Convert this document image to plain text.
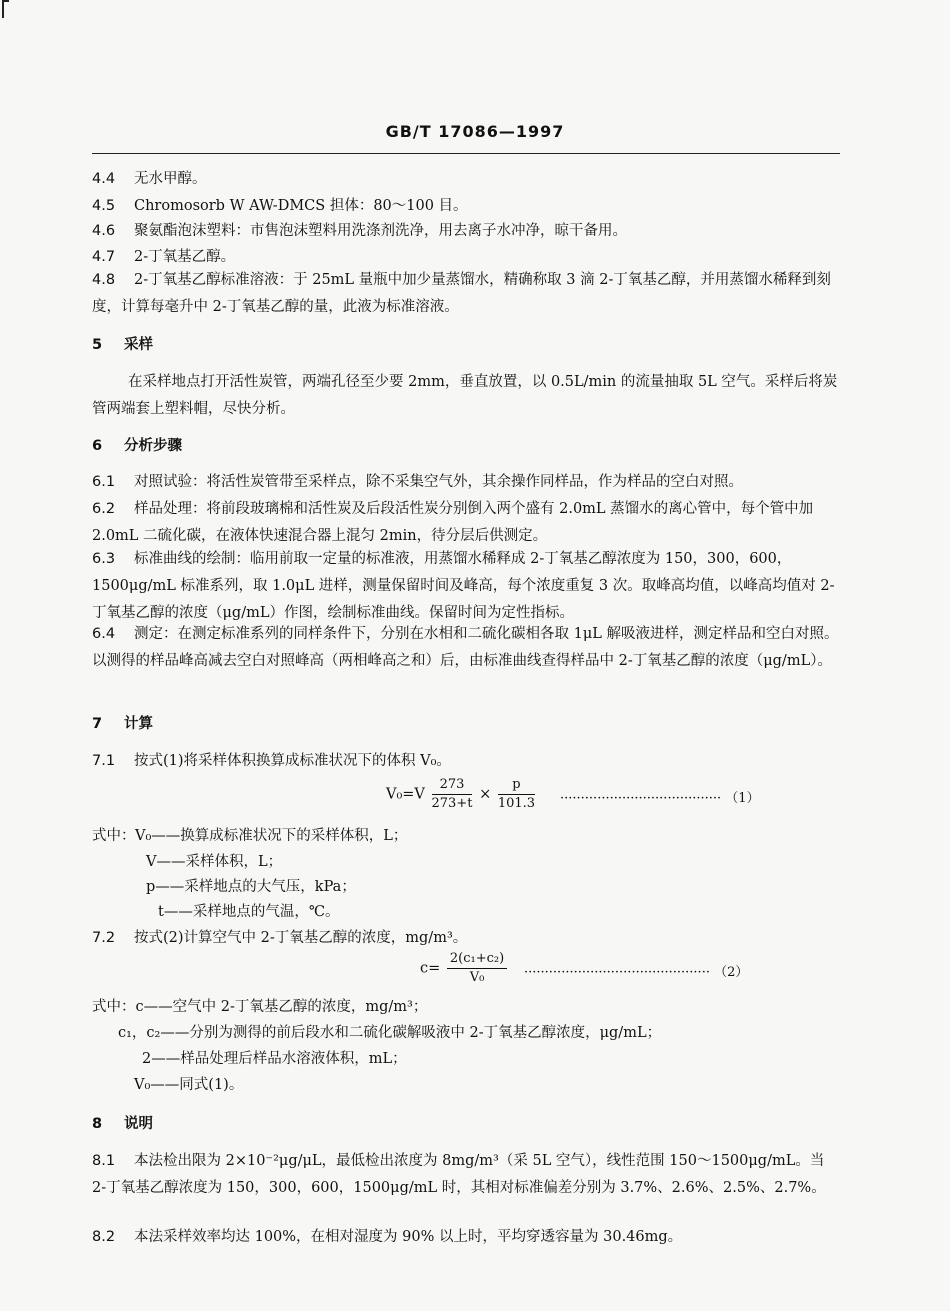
GB/T 17086—1997
4.4 无水甲醇。
4.5 Chromosorb W AW-DMCS 担体：80～100 目。
4.6 聚氨酯泡沫塑料：市售泡沫塑料用洗涤剂洗净，用去离子水冲净，晾干备用。
4.7 2-丁氧基乙醇。
4.8 2-丁氧基乙醇标准溶液：于 25mL 量瓶中加少量蒸馏水，精确称取 3 滴 2-丁氧基乙醇，并用蒸馏水稀释到刻度，计算每毫升中 2-丁氧基乙醇的量，此液为标准溶液。
5 采样
在采样地点打开活性炭管，两端孔径至少要 2mm，垂直放置，以 0.5L/min 的流量抽取 5L 空气。采样后将炭管两端套上塑料帽，尽快分析。
6 分析步骤
6.1 对照试验：将活性炭管带至采样点，除不采集空气外，其余操作同样品，作为样品的空白对照。
6.2 样品处理：将前段玻璃棉和活性炭及后段活性炭分别倒入两个盛有 2.0mL 蒸馏水的离心管中，每个管中加 2.0mL 二硫化碳，在液体快速混合器上混匀 2min，待分层后供测定。
6.3 标准曲线的绘制：临用前取一定量的标准液，用蒸馏水稀释成 2-丁氧基乙醇浓度为 150，300，600，1500μg/mL 标准系列，取 1.0μL 进样，测量保留时间及峰高，每个浓度重复 3 次。取峰高均值，以峰高均值对 2-丁氧基乙醇的浓度（μg/mL）作图，绘制标准曲线。保留时间为定性指标。
6.4 测定：在测定标准系列的同样条件下，分别在水相和二硫化碳相各取 1μL 解吸液进样，测定样品和空白对照。以测得的样品峰高减去空白对照峰高（两相峰高之和）后，由标准曲线查得样品中 2-丁氧基乙醇的浓度（μg/mL）。
7 计算
7.1 按式(1)将采样体积换算成标准状况下的体积 V₀。
$V_0=V \frac{273}{273+t} \times \frac{p}{101.3}$ ······································· （1）
式中： V₀——换算成标准状况下的采样体积，L；
V——采样体积，L；
p——采样地点的大气压，kPa；
t——采样地点的气温，℃。
7.2 按式(2)计算空气中 2-丁氧基乙醇的浓度，mg/m³。
$c= \frac{\text{2(c₁+c₂)}}{\text{V₀}}$ ············································· （2）
式中：c——空气中 2-丁氧基乙醇的浓度，mg/m³；
c₁，c₂——分别为测得的前后段水和二硫化碳解吸液中 2-丁氧基乙醇浓度，μg/mL；
2——样品处理后样品水溶液体积，mL；
V₀——同式(1)。
8 说明
8.1 本法检出限为 2×10⁻²μg/μL，最低检出浓度为 8mg/m³（采 5L 空气），线性范围 150～1500μg/mL。当 2-丁氧基乙醇浓度为 150，300，600，1500μg/mL 时，其相对标准偏差分别为 3.7%、2.6%、2.5%、2.7%。
8.2 本法采样效率均达 100%，在相对湿度为 90% 以上时，平均穿透容量为 30.46mg。
